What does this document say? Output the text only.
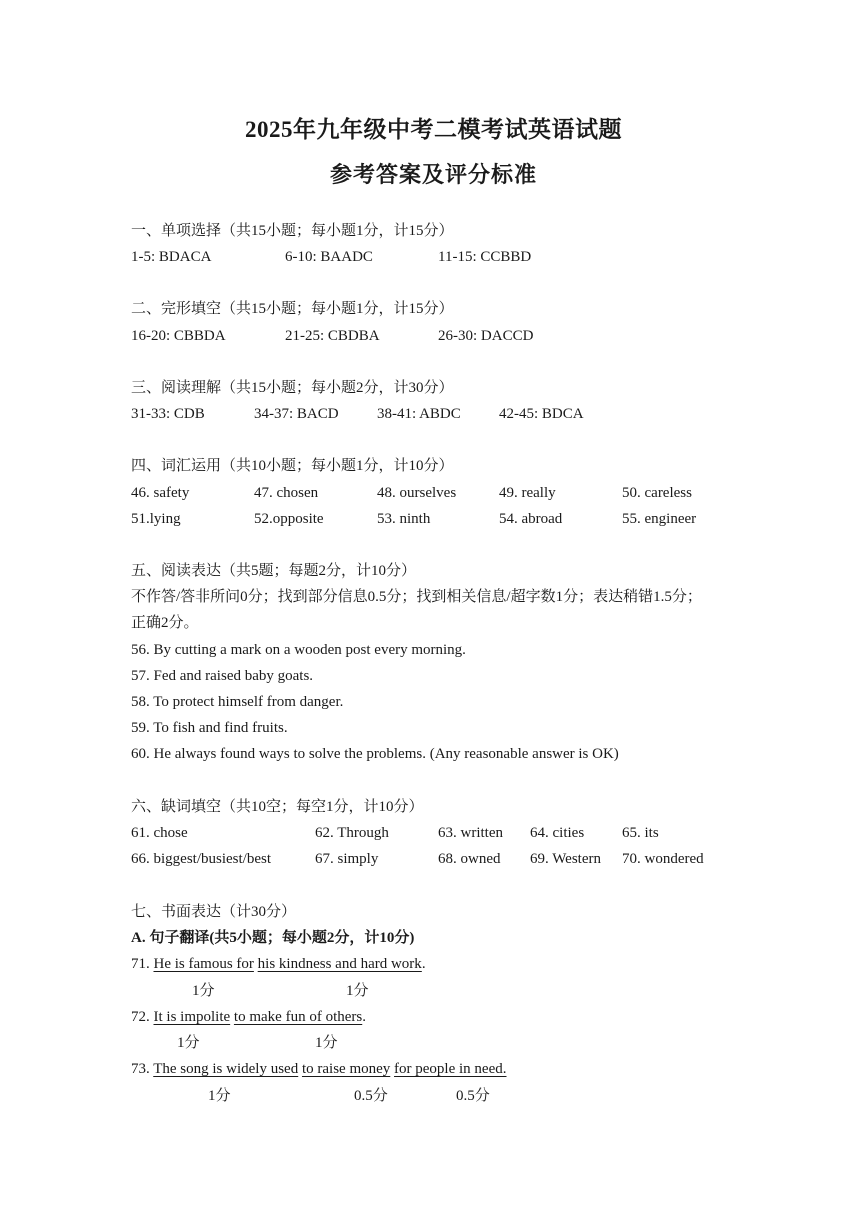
2025年九年级中考二模考试英语试题
参考答案及评分标准
一、单项选择（共15小题；每小题1分，计15分）
1-5: BDACA	6-10: BAADC	11-15: CCBBD
二、完形填空（共15小题；每小题1分，计15分）
16-20: CBBDA	21-25: CBDBA	26-30: DACCD
三、阅读理解（共15小题；每小题2分，计30分）
31-33: CDB	34-37: BACD	38-41: ABDC	42-45: BDCA
四、词汇运用（共10小题；每小题1分，计10分）
46. safety	47. chosen	48. ourselves	49. really	50. careless
51.lying	52.opposite	53. ninth	54. abroad	55. engineer
五、阅读表达（共5题；每题2分，计10分）
不作答/答非所问0分；找到部分信息0.5分；找到相关信息/超字数1分；表达稍错1.5分；
正确2分。
56. By cutting a mark on a wooden post every morning.
57. Fed and raised baby goats.
58. To protect himself from danger.
59. To fish and find fruits.
60. He always found ways to solve the problems. (Any reasonable answer is OK)
六、缺词填空（共10空；每空1分，计10分）
61. chose	62. Through	63. written 64. cities	65. its
66. biggest/busiest/best	67. simply	68. owned 69. Western 70. wondered
七、书面表达（计30分）
A. 句子翻译(共5小题；每小题2分，计10分)
71. He is famous for his kindness and hard work.
1分	1分
72. It is impolite to make fun of others.
1分	1分
73. The song is widely used to raise money for people in need.
1分	0.5分	0.5分
